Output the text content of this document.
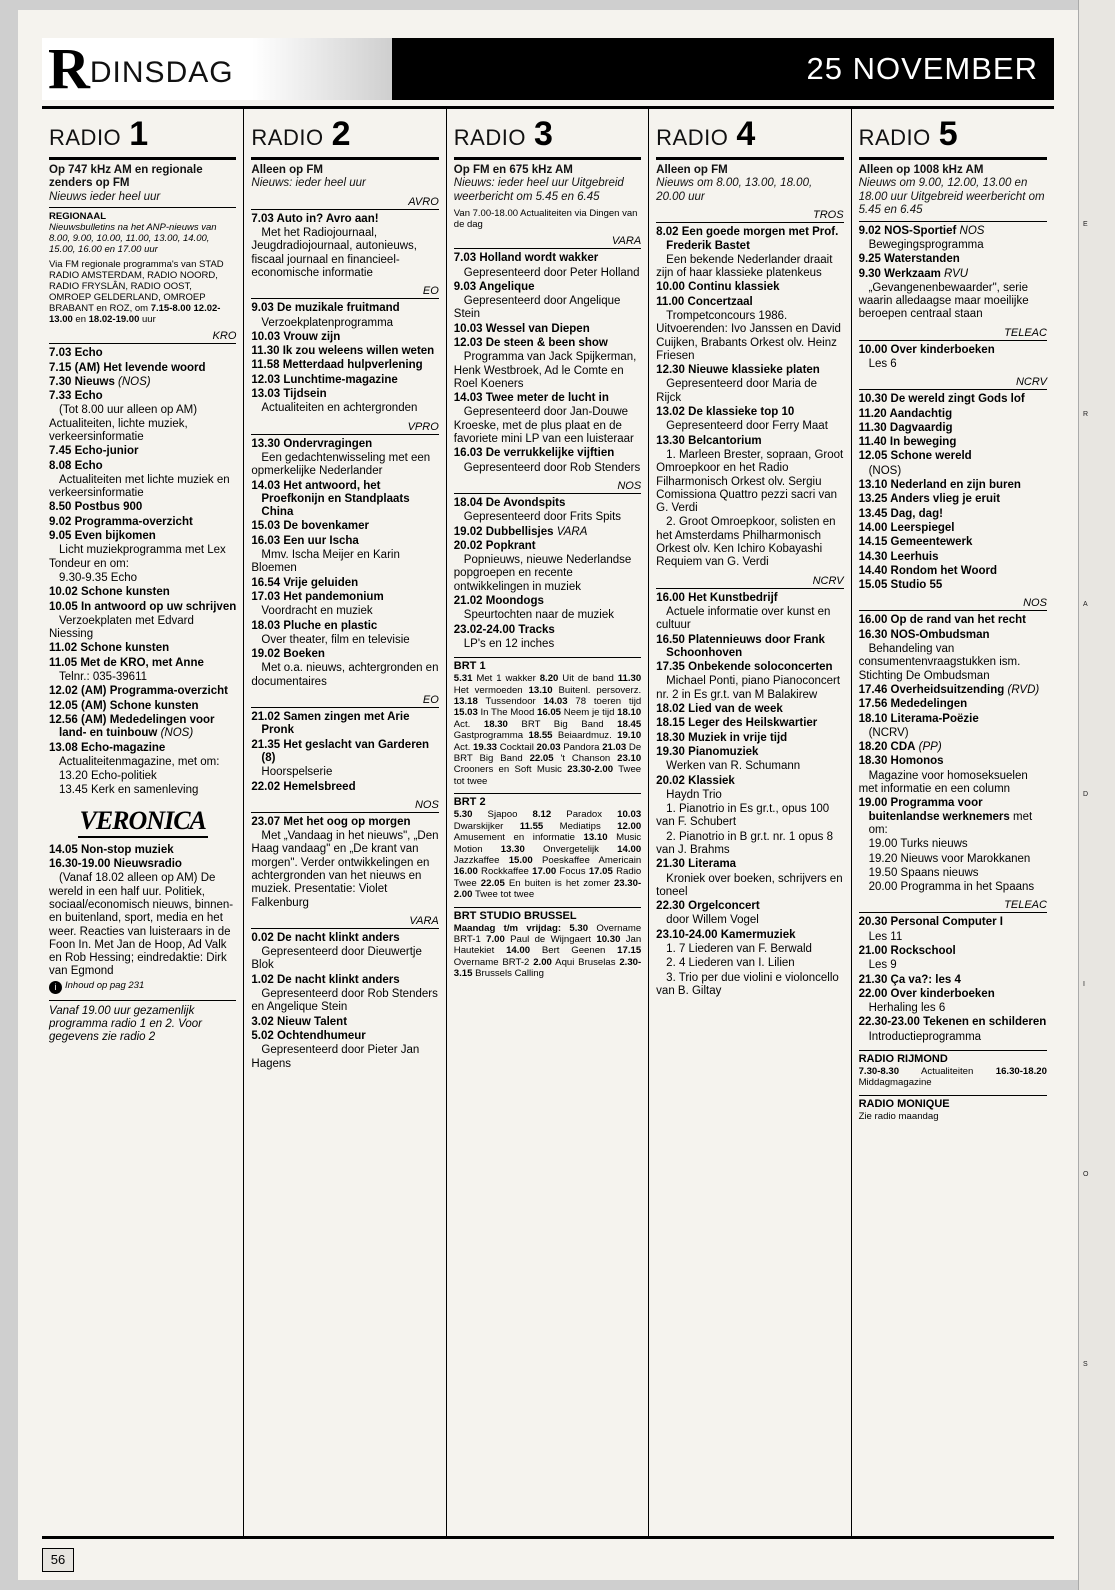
R DINSDAG	25 NOVEMBER
RADIO 1
Op 747 kHz AM en regionale zenders op FM
Nieuws ieder heel uur
REGIONAAL
Nieuwsbulletins na het ANP-nieuws van 8.00, 9.00, 10.00, 11.00, 13.00, 14.00, 15.00, 16.00 en 17.00 uur
Via FM regionale programma's van STAD RADIO AMSTERDAM, RADIO NOORD, RADIO FRYSLÂN, RADIO OOST, OMROEP GELDERLAND, OMROEP BRABANT en ROZ, om 7.15-8.00 12.02-13.00 en 18.02-19.00 uur
KRO
7.03 Echo
7.15 (AM) Het levende woord
7.30 Nieuws (NOS)
7.33 Echo
(Tot 8.00 uur alleen op AM) Actualiteiten, lichte muziek, verkeersinformatie
7.45 Echo-junior
8.08 Echo
Actualiteiten met lichte muziek en verkeersinformatie
8.50 Postbus 900
9.02 Programma-overzicht
9.05 Even bijkomen
Licht muziekprogramma met Lex Tondeur en om:
9.30-9.35 Echo
10.02 Schone kunsten
10.05 In antwoord op uw schrijven
Verzoekplaten met Edvard Niessing
11.02 Schone kunsten
11.05 Met de KRO, met Anne
Telnr.: 035-39611
12.02 (AM) Programma-overzicht
12.05 (AM) Schone kunsten
12.56 (AM) Mededelingen voor land- en tuinbouw (NOS)
13.08 Echo-magazine
Actualiteitenmagazine, met om:
13.20 Echo-politiek
13.45 Kerk en samenleving
VERONICA
14.05 Non-stop muziek
16.30-19.00 Nieuwsradio
(Vanaf 18.02 alleen op AM) De wereld in een half uur. Politiek, sociaal/economisch nieuws, binnen- en buitenland, sport, media en het weer. Reacties van luisteraars in de Foon In. Met Jan de Hoop, Ad Valk en Rob Hessing; eindredaktie: Dirk van Egmond
i Inhoud op pag 231
Vanaf 19.00 uur gezamenlijk programma radio 1 en 2. Voor gegevens zie radio 2
RADIO 2
Alleen op FM
Nieuws: ieder heel uur
AVRO
7.03 Auto in? Avro aan!
Met het Radiojournaal, Jeugdradiojournaal, autonieuws, fiscaal journaal en financieel-economische informatie
EO
9.03 De muzikale fruitmand
Verzoekplatenprogramma
10.03 Vrouw zijn
11.30 Ik zou weleens willen weten
11.58 Metterdaad hulpverlening
12.03 Lunchtime-magazine
13.03 Tijdsein
Actualiteiten en achtergronden
VPRO
13.30 Ondervragingen
Een gedachtenwisseling met een opmerkelijke Nederlander
14.03 Het antwoord, het Proefkonijn en Standplaats China
15.03 De bovenkamer
16.03 Een uur Ischa
Mmv. Ischa Meijer en Karin Bloemen
16.54 Vrije geluiden
17.03 Het pandemonium
Voordracht en muziek
18.03 Pluche en plastic
Over theater, film en televisie
19.02 Boeken
Met o.a. nieuws, achtergronden en documentaires
EO
21.02 Samen zingen met Arie Pronk
21.35 Het geslacht van Garderen (8)
Hoorspelserie
22.02 Hemelsbreed
NOS
23.07 Met het oog op morgen
Met „Vandaag in het nieuws", „Den Haag vandaag" en „De krant van morgen". Verder ontwikkelingen en achtergronden van het nieuws en muziek. Presentatie: Violet Falkenburg
VARA
0.02 De nacht klinkt anders
Gepresenteerd door Dieuwertje Blok
1.02 De nacht klinkt anders
Gepresenteerd door Rob Stenders en Angelique Stein
3.02 Nieuw Talent
5.02 Ochtendhumeur
Gepresenteerd door Pieter Jan Hagens
RADIO 3
Op FM en 675 kHz AM
Nieuws: ieder heel uur Uitgebreid weerbericht om 5.45 en 6.45
Van 7.00-18.00 Actualiteiten via Dingen van de dag
VARA
7.03 Holland wordt wakker
Gepresenteerd door Peter Holland
9.03 Angelique
Gepresenteerd door Angelique Stein
10.03 Wessel van Diepen
12.03 De steen & been show
Programma van Jack Spijkerman, Henk Westbroek, Ad le Comte en Roel Koeners
14.03 Twee meter de lucht in
Gepresenteerd door Jan-Douwe Kroeske, met de plus plaat en de favoriete mini LP van een luisteraar
16.03 De verrukkelijke vijftien
Gepresenteerd door Rob Stenders
NOS
18.04 De Avondspits
Gepresenteerd door Frits Spits
19.02 Dubbellisjes VARA
20.02 Popkrant
Popnieuws, nieuwe Nederlandse popgroepen en recente ontwikkelingen in muziek
21.02 Moondogs
Speurtochten naar de muziek
23.02-24.00 Tracks
LP's en 12 inches
BRT 1
5.31 Met 1 wakker 8.20 Uit de band 11.30 Het vermoeden 13.10 Buitenl. persoverz. 13.18 Tussendoor 14.03 78 toeren tijd 15.03 In The Mood 16.05 Neem je tijd 18.10 Act. 18.30 BRT Big Band 18.45 Gastprogramma 18.55 Beiaardmuz. 19.10 Act. 19.33 Cocktail 20.03 Pandora 21.03 De BRT Big Band 22.05 't Chanson 23.10 Crooners en Soft Music 23.30-2.00 Twee tot twee
BRT 2
5.30 Sjapoo 8.12 Paradox 10.03 Dwarskijker 11.55 Mediatips 12.00 Amusement en informatie 13.10 Music Motion 13.30 Onvergetelijk 14.00 Jazzkaffee 15.00 Poeskaffee Americain 16.00 Rockkaffee 17.00 Focus 17.05 Radio Twee 22.05 En buiten is het zomer 23.30-2.00 Twee tot twee
BRT STUDIO BRUSSEL
Maandag t/m vrijdag: 5.30 Overname BRT-1 7.00 Paul de Wijngaert 10.30 Jan Hautekiet 14.00 Bert Geenen 17.15 Overname BRT-2 2.00 Aqui Bruselas 2.30-3.15 Brussels Calling
RADIO 4
Alleen op FM
Nieuws om 8.00, 13.00, 18.00, 20.00 uur
TROS
8.02 Een goede morgen met Prof. Frederik Bastet
Een bekende Nederlander draait zijn of haar klassieke platenkeus
10.00 Continu klassiek
11.00 Concertzaal
Trompetconcours 1986. Uitvoerenden: Ivo Janssen en David Cuijken, Brabants Orkest olv. Heinz Friesen
12.30 Nieuwe klassieke platen
Gepresenteerd door Maria de Rijck
13.02 De klassieke top 10
Gepresenteerd door Ferry Maat
13.30 Belcantorium
1. Marleen Brester, sopraan, Groot Omroepkoor en het Radio Filharmonisch Orkest olv. Sergiu Comissiona Quattro pezzi sacri van G. Verdi
2. Groot Omroepkoor, solisten en het Amsterdams Philharmonisch Orkest olv. Ken Ichiro Kobayashi Requiem van G. Verdi
NCRV
16.00 Het Kunstbedrijf
Actuele informatie over kunst en cultuur
16.50 Platennieuws door Frank Schoonhoven
17.35 Onbekende soloconcerten
Michael Ponti, piano Pianoconcert nr. 2 in Es gr.t. van M Balakirew
18.02 Lied van de week
18.15 Leger des Heilskwartier
18.30 Muziek in vrije tijd
19.30 Pianomuziek
Werken van R. Schumann
20.02 Klassiek
Haydn Trio
1. Pianotrio in Es gr.t., opus 100 van F. Schubert
2. Pianotrio in B gr.t. nr. 1 opus 8 van J. Brahms
21.30 Literama
Kroniek over boeken, schrijvers en toneel
22.30 Orgelconcert
door Willem Vogel
23.10-24.00 Kamermuziek
1. 7 Liederen van F. Berwald
2. 4 Liederen van I. Lilien
3. Trio per due violini e violoncello van B. Giltay
RADIO 5
Alleen op 1008 kHz AM
Nieuws om 9.00, 12.00, 13.00 en 18.00 uur Uitgebreid weerbericht om 5.45 en 6.45
9.02 NOS-Sportief NOS
Bewegingsprogramma
9.25 Waterstanden
9.30 Werkzaam RVU
„Gevangenenbewaarder", serie waarin alledaagse maar moeilijke beroepen centraal staan
TELEAC
10.00 Over kinderboeken
Les 6
NCRV
10.30 De wereld zingt Gods lof
11.20 Aandachtig
11.30 Dagvaardig
11.40 In beweging
12.05 Schone wereld
(NOS)
13.10 Nederland en zijn buren
13.25 Anders vlieg je eruit
13.45 Dag, dag!
14.00 Leerspiegel
14.15 Gemeentewerk
14.30 Leerhuis
14.40 Rondom het Woord
15.05 Studio 55
NOS
16.00 Op de rand van het recht
16.30 NOS-Ombudsman
Behandeling van consumentenvraagstukken ism. Stichting De Ombudsman
17.46 Overheidsuitzending (RVD)
17.56 Mededelingen
18.10 Literama-Poëzie
(NCRV)
18.20 CDA (PP)
18.30 Homonos
Magazine voor homoseksuelen met informatie en een column
19.00 Programma voor buitenlandse werknemers met om:
19.00 Turks nieuws
19.20 Nieuws voor Marokkanen
19.50 Spaans nieuws
20.00 Programma in het Spaans
TELEAC
20.30 Personal Computer I
Les 11
21.00 Rockschool
Les 9
21.30 Ça va?: les 4
22.00 Over kinderboeken
Herhaling les 6
22.30-23.00 Tekenen en schilderen
Introductieprogramma
RADIO RIJMOND
7.30-8.30 Actualiteiten 16.30-18.20 Middagmagazine
RADIO MONIQUE
Zie radio maandag
56
E
R
A
D
I
O
S
